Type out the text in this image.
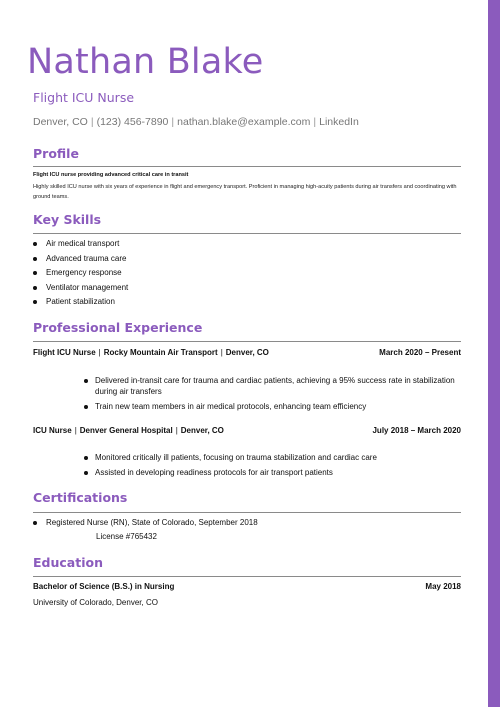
Nathan Blake
Flight ICU Nurse
Denver, CO | (123) 456-7890 | nathan.blake@example.com | LinkedIn
Profile
Flight ICU nurse providing advanced critical care in transit

Highly skilled ICU nurse with six years of experience in flight and emergency transport. Proficient in managing high-acuity patients during air transfers and coordinating with ground teams.

Key Skills
Air medical transport
Advanced trauma care
Emergency response
Ventilator management
Patient stabilization
Professional Experience
Flight ICU Nurse | Rocky Mountain Air Transport | Denver, CO	March 2020 – Present
Delivered in-transit care for trauma and cardiac patients, achieving a 95% success rate in stabilization during air transfers
Train new team members in air medical protocols, enhancing team efficiency
ICU Nurse | Denver General Hospital | Denver, CO	July 2018 – March 2020
Monitored critically ill patients, focusing on trauma stabilization and cardiac care
Assisted in developing readiness protocols for air transport patients
Certifications
Registered Nurse (RN), State of Colorado, September 2018
License #765432
Education
Bachelor of Science (B.S.) in Nursing	May 2018
University of Colorado, Denver, CO
